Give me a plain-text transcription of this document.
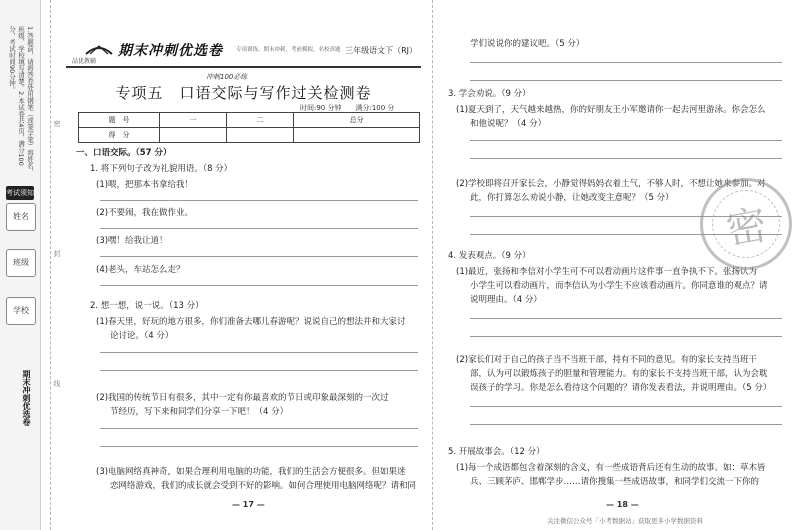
1.答题前，请将答卷处用钢笔（或签字笔）将姓名、班级、学校填写清楚。2.本试卷共4页，满分100分，考试时间90分钟。
考试须知
姓名
班级
学校
期末冲刺优选卷
密
封
线
品优教辅
期末冲刺优选卷 专项训练，期末冲刺，考前模拟，名校真题 三年级语文下（RJ）
冲刺100必练
专项五　口语交际与写作过关检测卷
时间:90 分钟　　满分:100 分
题　号	一	二	总分
得　分			
一、口语交际。（57 分）
1. 将下列句子改为礼貌用语。（8 分）
(1)喂，把那本书拿给我！
(2)不要闹，我在做作业。
(3)嘿！给我让道！
(4)老头，车站怎么走？
2. 想一想，说一说。（13 分）
(1)春天里，好玩的地方很多，你们准备去哪儿春游呢？说说自己的想法并和大家讨
论讨论。（4 分）
(2)我国的传统节日有很多，其中一定有你最喜欢的节日或印象最深刻的一次过
节经历，写下来和同学们分享一下吧！（4 分）
(3)电脑网络真神奇，如果合理利用电脑的功能，我们的生活会方便很多。但如果迷
恋网络游戏，我们的成长就会受到不好的影响。如何合理使用电脑网络呢？请和同
— 17 —
学们说说你的建议吧。（5 分）
3. 学会劝说。（9 分）
(1)夏天到了，天气越来越热，你的好朋友王小军邀请你一起去河里游泳。你会怎么
和他说呢？（4 分）
(2)学校即将召开家长会，小静觉得妈妈衣着土气，不够人时，不想让她来参加。对
此，你打算怎么劝说小静，让她改变主意呢？（5 分）
4. 发表观点。（9 分）
(1)最近，张扬和李信对小学生可不可以看动画片这件事一直争执不下。张扬认为
小学生可以看动画片，而李信认为小学生不应该看动画片。你同意谁的观点？请
说明理由。（4 分）
(2)家长们对于自己的孩子当不当班干部，持有不同的意见。有的家长支持当班干
部，认为可以锻炼孩子的胆量和管理能力。有的家长不支持当班干部，认为会耽
误孩子的学习。你是怎么看待这个问题的？请你发表看法，并说明理由。（5 分）
5. 开展故事会。（12 分）
(1)每一个成语都包含着深刻的含义，有一些成语背后还有生动的故事。如：草木皆
兵、三顾茅庐、邯郸学步……请你搜集一些成语故事，和同学们交流一下你的
— 18 —
密
关注微信公众号「小考数据站」获取更多小学数据资料
